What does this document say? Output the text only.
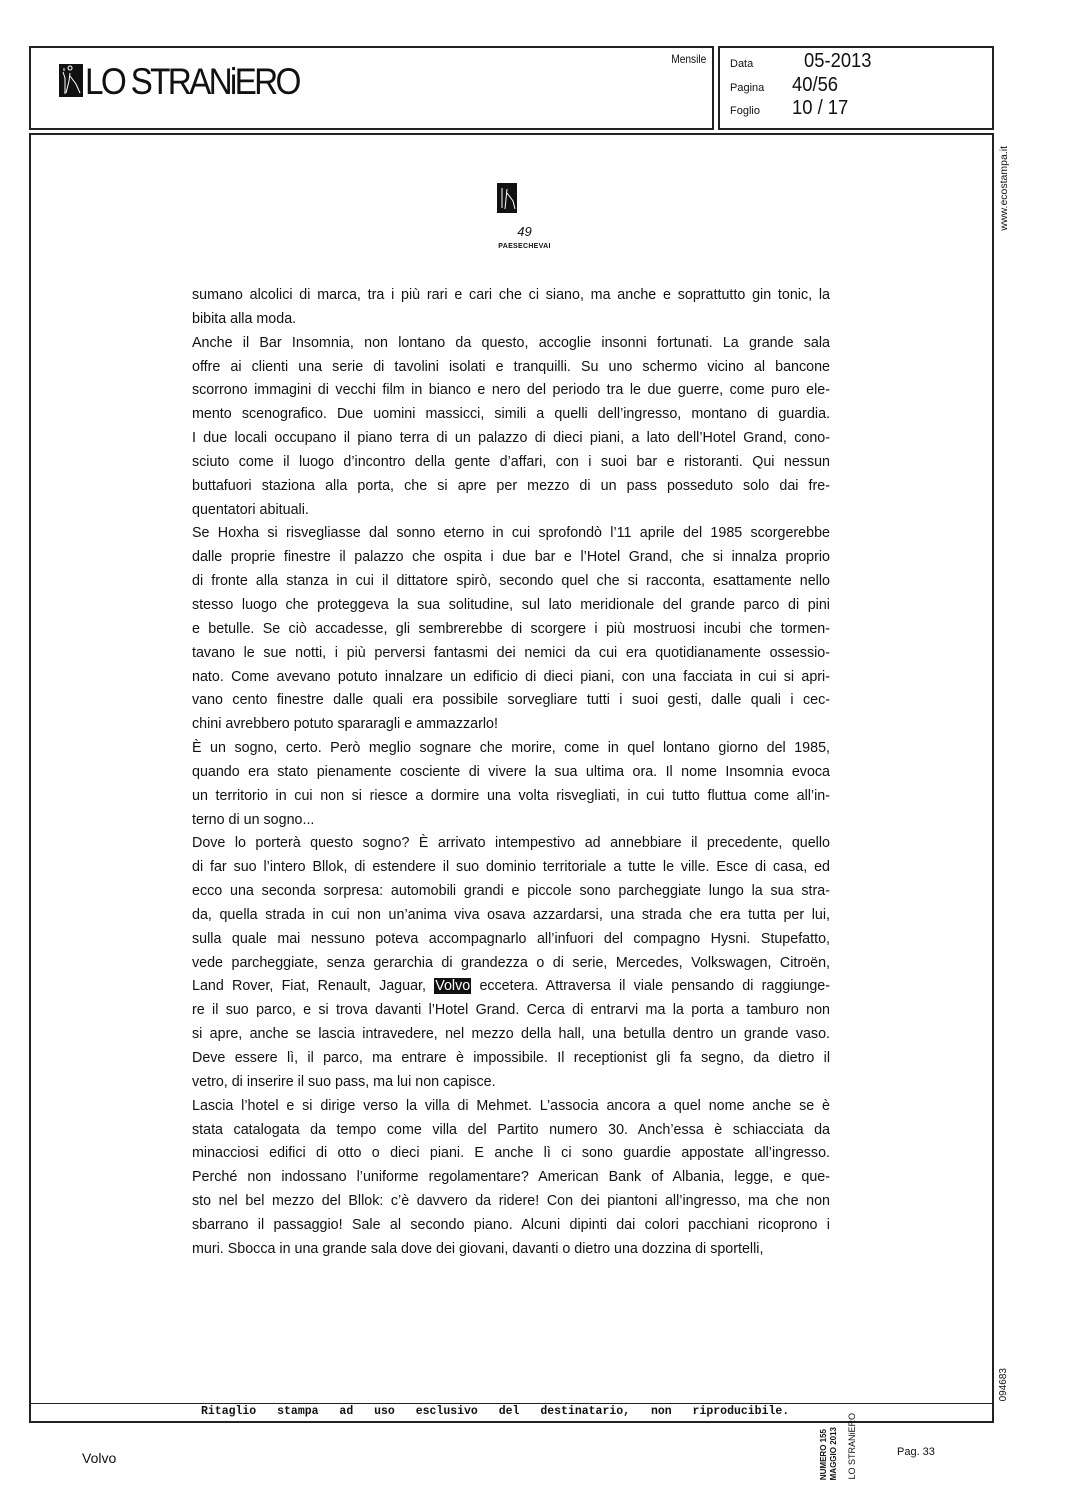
LO STRANiERO
Mensile Data	05-2013
Pagina	40/56
Foglio	10 / 17
49
PAESECHEVAI
NUMERO 155 MAGGIO 2013 LO STRANiERO
Ritaglio stampa ad uso esclusivo del destinatario, non riproducibile.
sumano alcolici di marca, tra i più rari e cari che ci siano, ma anche e soprattutto gin tonic, la
bibita alla moda.
Anche il Bar Insomnia, non lontano da questo, accoglie insonni fortunati. La grande sala
offre ai clienti una serie di tavolini isolati e tranquilli. Su uno schermo vicino al bancone
scorrono immagini di vecchi film in bianco e nero del periodo tra le due guerre, come puro ele-
mento scenografico. Due uomini massicci, simili a quelli dell’ingresso, montano di guardia.
I due locali occupano il piano terra di un palazzo di dieci piani, a lato dell’Hotel Grand, cono-
sciuto come il luogo d’incontro della gente d’affari, con i suoi bar e ristoranti. Qui nessun
buttafuori staziona alla porta, che si apre per mezzo di un pass posseduto solo dai fre-
quentatori abituali.
Se Hoxha si risvegliasse dal sonno eterno in cui sprofondò l’11 aprile del 1985 scorgerebbe
dalle proprie finestre il palazzo che ospita i due bar e l’Hotel Grand, che si innalza proprio
di fronte alla stanza in cui il dittatore spirò, secondo quel che si racconta, esattamente nello
stesso luogo che proteggeva la sua solitudine, sul lato meridionale del grande parco di pini
e betulle. Se ciò accadesse, gli sembrerebbe di scorgere i più mostruosi incubi che tormen-
tavano le sue notti, i più perversi fantasmi dei nemici da cui era quotidianamente ossessio-
nato. Come avevano potuto innalzare un edificio di dieci piani, con una facciata in cui si apri-
vano cento finestre dalle quali era possibile sorvegliare tutti i suoi gesti, dalle quali i cec-
chini avrebbero potuto spararagli e ammazzarlo!
È un sogno, certo. Però meglio sognare che morire, come in quel lontano giorno del 1985,
quando era stato pienamente cosciente di vivere la sua ultima ora. Il nome Insomnia evoca
un territorio in cui non si riesce a dormire una volta risvegliati, in cui tutto fluttua come all’in-
terno di un sogno...
Dove lo porterà questo sogno? È arrivato intempestivo ad annebbiare il precedente, quello
di far suo l’intero Bllok, di estendere il suo dominio territoriale a tutte le ville. Esce di casa, ed
ecco una seconda sorpresa: automobili grandi e piccole sono parcheggiate lungo la sua stra-
da, quella strada in cui non un’anima viva osava azzardarsi, una strada che era tutta per lui,
sulla quale mai nessuno poteva accompagnarlo all’infuori del compagno Hysni. Stupefatto,
vede parcheggiate, senza gerarchia di grandezza o di serie, Mercedes, Volkswagen, Citroën,
Land Rover, Fiat, Renault, Jaguar, Volvo eccetera. Attraversa il viale pensando di raggiunge-
re il suo parco, e si trova davanti l’Hotel Grand. Cerca di entrarvi ma la porta a tamburo non
si apre, anche se lascia intravedere, nel mezzo della hall, una betulla dentro un grande vaso.
Deve essere lì, il parco, ma entrare è impossibile. Il receptionist gli fa segno, da dietro il
vetro, di inserire il suo pass, ma lui non capisce.
Lascia l’hotel e si dirige verso la villa di Mehmet. L’associa ancora a quel nome anche se è
stata catalogata da tempo come villa del Partito numero 30. Anch’essa è schiacciata da
minacciosi edifici di otto o dieci piani. E anche lì ci sono guardie appostate all’ingresso.
Perché non indossano l’uniforme regolamentare? American Bank of Albania, legge, e que-
sto nel bel mezzo del Bllok: c’è davvero da ridere! Con dei piantoni all’ingresso, ma che non
sbarrano il passaggio! Sale al secondo piano. Alcuni dipinti dai colori pacchiani ricoprono i
muri. Sbocca in una grande sala dove dei giovani, davanti o dietro una dozzina di sportelli,
www.ecostampa.it
094683
Volvo	Pag. 33
